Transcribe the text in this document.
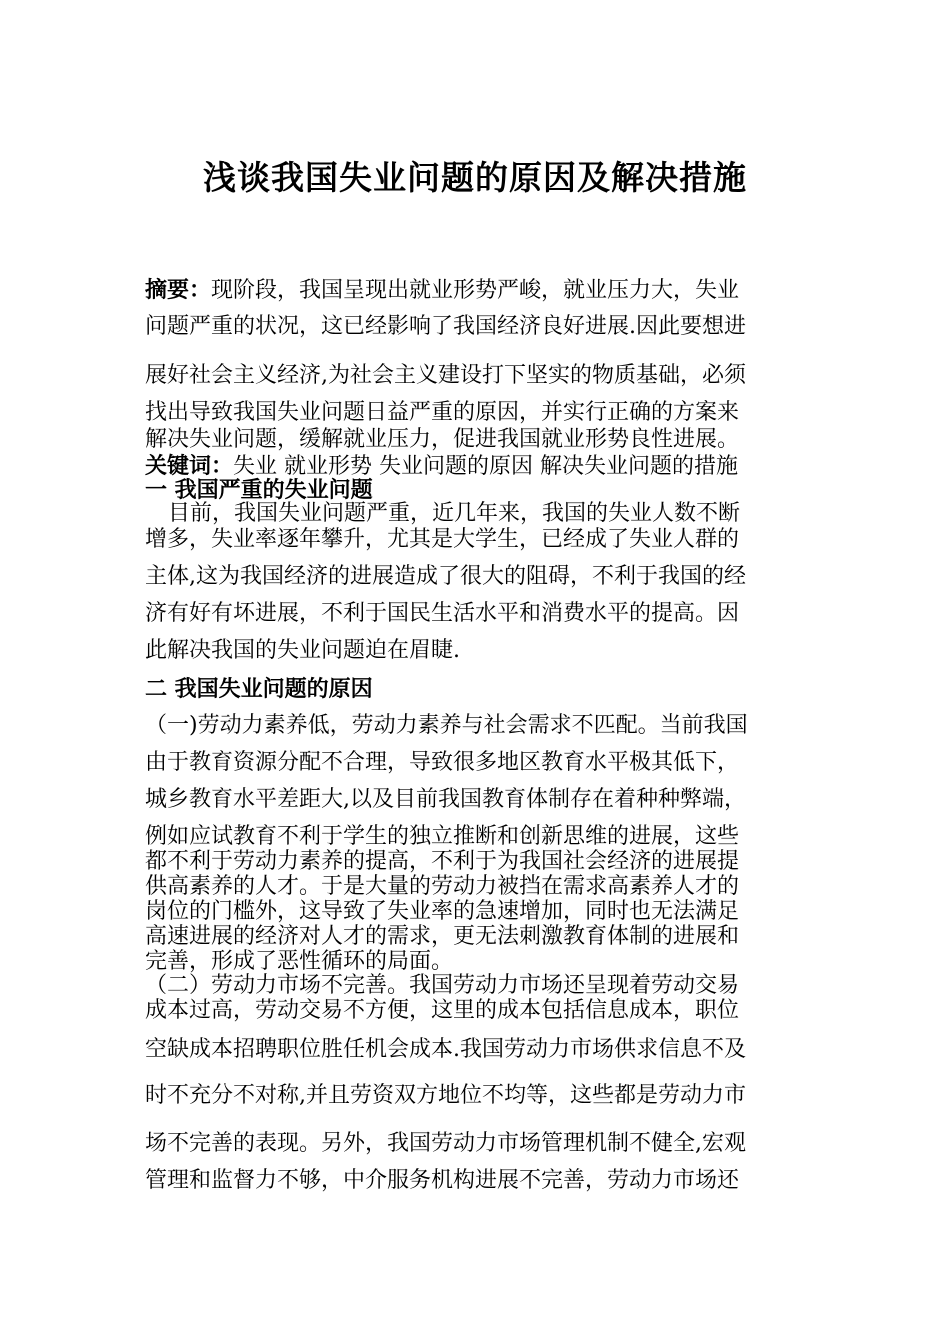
浅谈我国失业问题的原因及解决措施
摘要：现阶段，我国呈现出就业形势严峻，就业压力大，失业
问题严重的状况，这已经影响了我国经济良好进展.因此要想进
展好社会主义经济,为社会主义建设打下坚实的物质基础，必须
找出导致我国失业问题日益严重的原因，并实行正确的方案来
解决失业问题，缓解就业压力，促进我国就业形势良性进展。
关键词：失业 就业形势 失业问题的原因 解决失业问题的措施
一 我国严重的失业问题
目前，我国失业问题严重，近几年来，我国的失业人数不断
增多，失业率逐年攀升，尤其是大学生，已经成了失业人群的
主体,这为我国经济的进展造成了很大的阻碍，不利于我国的经
济有好有坏进展，不利于国民生活水平和消费水平的提高。因
此解决我国的失业问题迫在眉睫.
二 我国失业问题的原因
（一)劳动力素养低，劳动力素养与社会需求不匹配。当前我国
由于教育资源分配不合理，导致很多地区教育水平极其低下，
城乡教育水平差距大,以及目前我国教育体制存在着种种弊端，
例如应试教育不利于学生的独立推断和创新思维的进展，这些
都不利于劳动力素养的提高，不利于为我国社会经济的进展提
供高素养的人才。于是大量的劳动力被挡在需求高素养人才的
岗位的门槛外，这导致了失业率的急速增加，同时也无法满足
高速进展的经济对人才的需求，更无法刺激教育体制的进展和
完善，形成了恶性循环的局面。
（二）劳动力市场不完善。我国劳动力市场还呈现着劳动交易
成本过高，劳动交易不方便，这里的成本包括信息成本，职位
空缺成本招聘职位胜任机会成本.我国劳动力市场供求信息不及
时不充分不对称,并且劳资双方地位不均等，这些都是劳动力市
场不完善的表现。另外，我国劳动力市场管理机制不健全,宏观
管理和监督力不够，中介服务机构进展不完善，劳动力市场还
